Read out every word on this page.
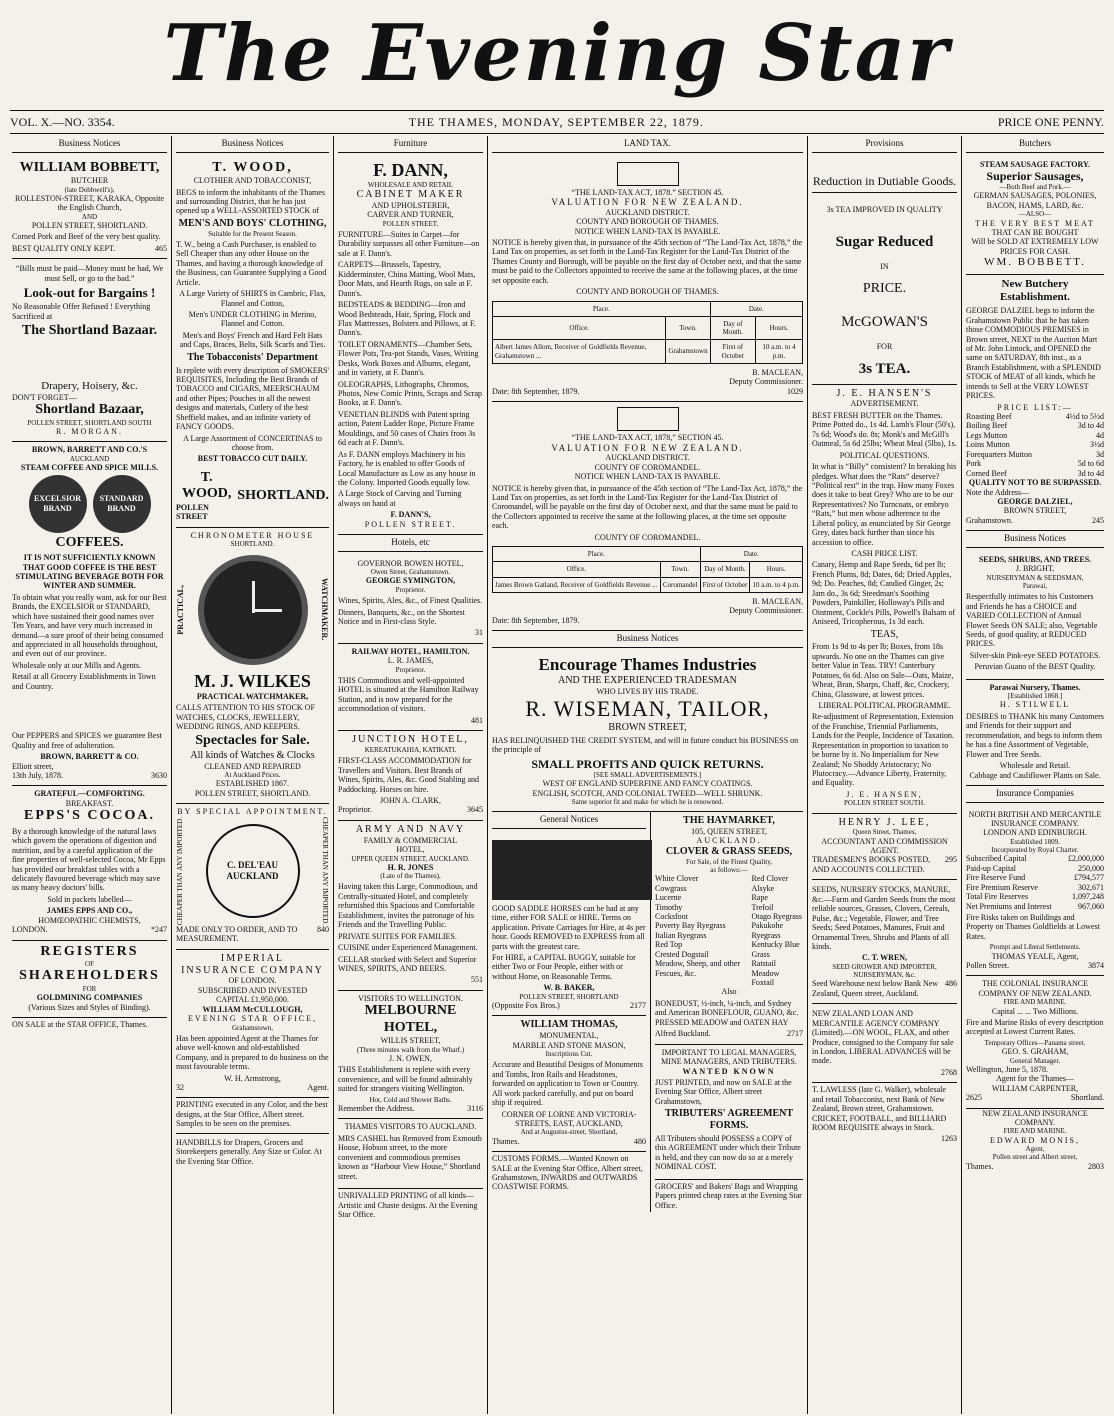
The Evening Star
VOL. X.—NO. 3354.	THE THAMES, MONDAY, SEPTEMBER 22, 1879.	PRICE ONE PENNY.
Business Notices
WILLIAM BOBBETT,
BUTCHER
(late Dobbwell's),
ROLLESTON-STREET, KARAKA, Opposite the English Church,
AND
POLLEN STREET, SHORTLAND.

Corned Pork and Beef of the very best quality.

BEST QUALITY ONLY KEPT.	465

“Bills must be paid—Money must be had, We must Sell, or go to the bad.”

Look-out for Bargains !

No Reasonable Offer Refused ! Everything Sacrificed at

The Shortland Bazaar.
Drapery, Hoisery, &c.
DON'T FORGET—
Shortland Bazaar,
POLLEN STREET, SHORTLAND SOUTH
R. MORGAN.
BROWN, BARRETT AND CO.'S
AUCKLAND
STEAM COFFEE AND SPICE MILLS.
EXCELSIOR BRAND STANDARD BRAND
COFFEES.

IT IS NOT SUFFICIENTLY KNOWN THAT GOOD COFFEE IS THE BEST STIMULATING BEVERAGE BOTH FOR WINTER AND SUMMER.

To obtain what you really want, ask for our Best Brands, the EXCELSIOR or STANDARD, which have sustained their good names over Ten Years, and have very much increased in demand—a sure proof of their being consumed and appreciated in all households throughout, and even out of our province.

Wholesale only at our Mills and Agents.

Retail at all Grocery Establishments in Town and Country.

Our PEPPERS and SPICES we guarantee Best Quality and free of adulteration.

BROWN, BARRETT & CO.
Elliott street,
13th July, 1878.	3630
GRATEFUL—COMFORTING.
BREAKFAST.
EPPS'S COCOA.

By a thorough knowledge of the natural laws which govern the operations of digestion and nutrition, and by a careful application of the fine properties of well-selected Cocoa, Mr Epps has provided our breakfast tables with a delicately flavoured beverage which may save us many heavy doctors' bills.

Sold in packets labelled—

JAMES EPPS AND CO.,
HOMŒOPATHIC CHEMISTS,
LONDON.	*247
REGISTERS
OF
SHAREHOLDERS
FOR
GOLDMINING COMPANIES
(Various Sizes and Styles of Binding).

ON SALE at the STAR OFFICE, Thames.

Business Notices
T. WOOD,
CLOTHIER AND TOBACCONIST,

BEGS to inform the inhabitants of the Thames and surrounding District, that he has just opened up a WELL-ASSORTED STOCK of

MEN'S AND BOYS' CLOTHING,
Suitable for the Present Season.

T. W., being a Cash Purchaser, is enabled to Sell Cheaper than any other House on the Thames, and having a thorough knowledge of the Business, can Guarantee Supplying a Good Article.

A Large Variety of SHIRTS in Cambric, Flax, Flannel and Cotton,

Men's UNDER CLOTHING in Merino, Flannel and Cotton.

Men's and Boys' French and Hard Felt Hats and Caps, Braces, Belts, Silk Scarfs and Ties.

The Tobacconists' Department

Is replete with every description of SMOKERS' REQUISITES, Including the Best Brands of TOBACCO and CIGARS, MEERSCHAUM and other Pipes; Pouches in all the newest designs and materials, Cutlery of the best Sheffield makes, and an infinite variety of FANCY GOODS.

A Large Assortment of CONCERTINAS to choose from.

BEST TOBACCO CUT DAILY.
T. WOOD,
POLLEN STREET
SHORTLAND.
CHRONOMETER HOUSE
SHORTLAND.
PRACTICAL,	WATCHMAKER.
M. J. WILKES
PRACTICAL WATCHMAKER,

CALLS ATTENTION TO HIS STOCK OF WATCHES, CLOCKS, JEWELLERY, WEDDING RINGS, AND KEEPERS.

Spectacles for Sale.
All kinds of Watches & Clocks
CLEANED AND REPAIRED
At Auckland Prices.
ESTABLISHED 1867.
POLLEN STREET, SHORTLAND.
BY SPECIAL APPOINTMENT.
CHEAPER THAN ANY IMPORTED.	C. DEL'EAU AUCKLAND	CHEAPER THAN ANY IMPORTED.
MADE ONLY TO ORDER, AND TO MEASUREMENT.
840
IMPERIAL
INSURANCE COMPANY
OF LONDON.
SUBSCRIBED AND INVESTED
CAPITAL £1,950,000.
WILLIAM McCULLOUGH,
EVENING STAR OFFICE,
Grahamstown,

Has been appointed Agent at the Thames for above well-known and old-established Company, and is prepared to do business on the most favourable terms.

W. H. Armstrong,
32	Agent.

PRINTING executed in any Color, and the best designs, at the Star Office, Albert street. Samples to be seen on the premises.

HANDBILLS for Drapers, Grocers and Storekeepers generally. Any Size or Color. At the Evening Star Office.

Furniture
F. DANN,
WHOLESALE AND RETAIL
CABINET MAKER
AND UPHOLSTERER,
CARVER AND TURNER,
POLLEN STREET.

FURNITURE—Suites in Carpet—for Durability surpasses all other Furniture—on sale at F. Dann's.

CARPETS—Brussels, Tapestry, Kidderminster, China Matting, Wool Mats, Door Mats, and Hearth Rugs, on sale at F. Dann's.

BEDSTEADS & BEDDING—Iron and Wood Bedsteads, Hair, Spring, Flock and Flax Mattresses, Bolsters and Pillows, at F. Dann's.

TOILET ORNAMENTS—Chamber Sets, Flower Pots, Tea-pot Stands, Vases, Writing Desks, Work Boxes and Albums, elegant, and in variety, at F. Dann's.

OLEOGRAPHS, Lithographs, Chromos, Photos, New Comic Prints, Scraps and Scrap Books, at F. Dann's.

VENETIAN BLINDS with Patent spring action, Patent Ladder Rope, Picture Frame Mouldings, and 50 cases of Chairs from 3s 6d each at F. Dann's.

As F. DANN employs Machinery in his Factory, he is enabled to offer Goods of Local Manufacture as Low as any house in the Colony. Imported Goods equally low.

A Large Stock of Carving and Turning always on hand at

F. DANN'S,
POLLEN STREET.
Hotels, etc
GOVERNOR BOWEN HOTEL,
Owen Street, Grahamstown.
GEORGE SYMINGTON,
Proprietor.

Wines, Spirits, Ales, &c., of Finest Qualities.

Dinners, Banquets, &c., on the Shortest Notice and in First-class Style.

31
RAILWAY HOTEL, HAMILTON.
L. R. JAMES,
Proprietor.

THIS Commodious and well-appointed HOTEL is situated at the Hamilton Railway Station, and is now prepared for the accommodation of visitors.

481
JUNCTION HOTEL,
KEREATUKAHIA, KATIKATI.

FIRST-CLASS ACCOMMODATION for Travellers and Visitors. Best Brands of Wines, Spirits, Ales, &c. Good Stabling and Paddocking. Horses on hire.

JOHN A. CLARK,
Proprietor.	3645
ARMY AND NAVY
FAMILY & COMMERCIAL
HOTEL,
UPPER QUEEN STREET, AUCKLAND.
H. R. JONES
(Late of the Thames),

Having taken this Large, Commodious, and Centrally-situated Hotel, and completely refurnished this Spacious and Comfortable Establishment, invites the patronage of his Friends and the Travelling Public.

PRIVATE SUITES FOR FAMILIES.

CUISINE under Experienced Management.

CELLAR stocked with Select and Superior WINES, SPIRITS, AND BEERS.

551
VISITORS TO WELLINGTON.
MELBOURNE HOTEL,
WILLIS STREET,
(Three minutes walk from the Wharf.)
J. N. OWEN,

THIS Establishment is replete with every convenience, and will be found admirably suited for strangers visiting Wellington.

Hot, Cold and Shower Baths.
Remember the Address.	3116
THAMES VISITORS TO AUCKLAND.

MRS CASHEL has Removed from Exmouth House, Hobson street, to the more convenient and commodious premises known as “Harbour View House,” Shortland street.

UNRIVALLED PRINTING of all kinds—Artistic and Chaste designs. At the Evening Star Office.

LAND TAX.
“THE LAND-TAX ACT, 1878.” SECTION 45.
VALUATION FOR NEW ZEALAND.
AUCKLAND DISTRICT.
COUNTY AND BOROUGH OF THAMES.
NOTICE WHEN LAND-TAX IS PAYABLE.

NOTICE is hereby given that, in pursuance of the 45th section of “The Land-Tax Act, 1878,” the Land Tax on properties, as set forth in the Land-Tax Register for the Land-Tax District of the Thames County and Borough, will be payable on the first day of October next, and that the same must be paid to the Collectors appointed to receive the same at the following places, at the time set opposite each.

COUNTY AND BOROUGH OF THAMES.
Place.		Date.	
Office.	Town.	Day of Month.	Hours.
Albert James Allom, Receiver of Goldfields Revenue, Grahamstown ...	Grahamstown	First of October	10 a.m. to 4 p.m.
B. MACLEAN,
Deputy Commissioner.
Date: 8th September, 1879.	1029
“THE LAND-TAX ACT, 1878,” SECTION 45.
VALUATION FOR NEW ZEALAND.
AUCKLAND DISTRICT.
COUNTY OF COROMANDEL.
NOTICE WHEN LAND-TAX IS PAYABLE.

NOTICE is hereby given that, in pursuance of the 45th section of “The Land-Tax Act, 1878,” the Land Tax on properties, as set forth in the Land-Tax Register for the Land-Tax District of Coromandel, will be payable on the first day of October next, and that the same must be paid to the Collectors appointed to receive the same at the following places, at the time set opposite each.

COUNTY OF COROMANDEL.
Place.		Date.	
Office.	Town.	Day of Month.	Hours.
James Brown Gatland, Receiver of Goldfields Revenue ...	Coromandel	First of October	10 a.m. to 4 p.m.
B. MACLEAN,
Deputy Commissioner.
Date: 8th September, 1879.
Business Notices
Encourage Thames Industries
AND THE EXPERIENCED TRADESMAN
WHO LIVES BY HIS TRADE.
R. WISEMAN, TAILOR,
BROWN STREET,

HAS RELINQUISHED THE CREDIT SYSTEM, and will in future conduct his BUSINESS on the principle of

SMALL PROFITS AND QUICK RETURNS.
[SEE SMALL ADVERTISEMENTS.]
WEST OF ENGLAND SUPERFINE AND FANCY COATINGS.
ENGLISH, SCOTCH, AND COLONIAL TWEED—WELL SHRUNK.
Same superior fit and make for which he is renowned.
General Notices

GOOD SADDLE HORSES can be had at any time, either FOR SALE or HIRE. Terms on application. Private Carriages for Hire, at 4s per hour. Goods REMOVED to EXPRESS from all parts with the greatest care.

For HIRE, a CAPITAL BUGGY, suitable for either Two or Four People, either with or without Horse, on Reasonable Terms.

W. B. BAKER,
POLLEN STREET, SHORTLAND
(Opposite Fox Bros.)	2177
WILLIAM THOMAS,
MONUMENTAL,
MARBLE AND STONE MASON,
Inscriptions Cut.

Accurate and Beautiful Designs of Monuments and Tombs, Iron Rails and Headstones, forwarded on application to Town or Country. All work packed carefully, and put on board ship if required.

CORNER OF LORNE AND VICTORIA-STREETS, EAST, AUCKLAND,
And at Augustus-street, Shortland,
Thames.	480

CUSTOMS FORMS.—Wanted Known on SALE at the Evening Star Office, Albert street, Grahamstown, INWARDS and OUTWARDS COASTWISE FORMS.

THE HAYMARKET,
105, QUEEN STREET,
AUCKLAND.
CLOVER & GRASS SEEDS,
For Sale, of the Finest Quality,
as follows:—
White Clover
Cowgrass
Lucerne
Timothy
Cocksfoot
Poverty Bay Ryegrass
Italian Ryegrass
Red Top
Crested Dogstail
Meadow, Sheep, and other Fescues, &c.
Red Clover
Alsyke
Rape
Trefoil
Otago Ryegrass
Pakukohe Ryegrass
Kentucky Blue Grass
Ratstail
Meadow Foxtail
Also

BONEDUST, ½-inch, ¼-inch, and Sydney and American BONEFLOUR, GUANO, &c. PRESSED MEADOW and OATEN HAY

Alfred Buckland.	2717
IMPORTANT TO LEGAL MANAGERS, MINE MANAGERS, AND TRIBUTERS.
WANTED KNOWN

JUST PRINTED, and now on SALE at the Evening Star Office, Albert street Grahamstown,

TRIBUTERS' AGREEMENT FORMS.

All Tributers should POSSESS a COPY of this AGREEMENT under which their Tribute is held, and they can now do so at a merely NOMINAL COST.

GROCERS' and Bakers' Bags and Wrapping Papers printed cheap rates at the Evening Star Office.

Provisions
Reduction in Dutiable Goods.
3s TEA IMPROVED IN QUALITY
Sugar Reduced
IN
PRICE.
McGOWAN'S
FOR
3s TEA.
J. E. HANSEN'S
ADVERTISEMENT.

BEST FRESH BUTTER on the Thames. Prime Potted do., 1s 4d. Lamb's Flour (50's), 7s 6d; Wood's do. 8s; Monk's and McGill's Oatmeal, 5s 6d 25lbs; Wheat Meal (5lbs), 1s.

POLITICAL QUESTIONS.

In what is “Billy” consistent? In breaking his pledges. What does the “Rats” deserve? “Political rest” in the trap. How many Foxes does it take to beat Grey? Who are to be our Representatives? No Turncoats, or embryo “Rats,” but men whose adherence to the Liberal policy, as enunciated by Sir George Grey, dates back further than since his accession to office.

CASH PRICE LIST.

Canary, Hemp and Rape Seeds, 6d per lb; French Plums, 8d; Dates, 6d; Dried Apples, 9d; Do. Peaches, 8d; Candied Ginger, 2s; Jam do., 3s 6d; Steedman's Soothing Powders, Painkiller, Holloway's Pills and Ointment, Cockle's Pills, Powell's Balsam of Aniseed, Tricopherous, 1s 3d each.

TEAS,

From 1s 9d to 4s per lb; Boxes, from 18s upwards. No one on the Thames can give better Value in Teas. TRY! Canterbury Potatoes, 6s 6d. Also on Sale—Oats, Maize, Wheat, Bran, Sharps, Chaff, &c, Crockery, China, Glassware, at lowest prices.

LIBERAL POLITICAL PROGRAMME.

Re-adjustment of Representation, Extension of the Franchise, Triennial Parliaments, Lands for the People, Incidence of Taxation. Representation in proportion to taxation to be borne by it. No Imperialism for New Zealand; No Shoddy Aristocracy; No Plutocracy.—Advance Liberty, Fraternity, and Equality.

J. E. HANSEN,
POLLEN STREET SOUTH.
HENRY J. LEE,
Queen Street, Thames,
ACCOUNTANT AND COMMISSION AGENT.
TRADESMEN'S BOOKS POSTED, AND ACCOUNTS COLLECTED.
295

SEEDS, NURSERY STOCKS, MANURE, &c.—Farm and Garden Seeds from the most reliable sources, Grasses, Clovers, Cereals, Pulse, &c.; Vegetable, Flower, and Tree Seeds; Seed Potatoes, Manures, Fruit and Ornamental Trees, Shrubs and Plants of all kinds.

C. T. WREN,
SEED GROWER AND IMPORTER,
NURSERYMAN, &c.
Seed Warehouse next below Bank New Zealand, Queen street, Auckland.
486

NEW ZEALAND LOAN AND MERCANTILE AGENCY COMPANY (Limited).—ON WOOL, FLAX, and other Produce, consigned to the Company for sale in London, LIBERAL ADVANCES will be made.

2768

T. LAWLESS (late G. Walker), wholesale and retail Tobacconist, next Bank of New Zealand, Brown street, Grahamstown. CRICKET, FOOTBALL, and BILLIARD ROOM REQUISITE always in Stock.

1263
Butchers
STEAM SAUSAGE FACTORY.
Superior Sausages,
—Both Beef and Pork.—
GERMAN SAUSAGES, POLONIES,
BACON, HAMS, LARD, &c.
—ALSO—
THE VERY BEST MEAT
THAT CAN BE BOUGHT
Will be SOLD AT EXTREMELY LOW
PRICES FOR CASH.
WM. BOBBETT.
New Butchery Establishment.

GEORGE DALZIEL begs to inform the Grahamstown Public that he has taken those COMMODIOUS PREMISES in Brown street, NEXT to the Auction Mart of Mr. John Lintock, and OPENED the same on SATURDAY, 8th inst., as a Branch Establishment, with a SPLENDID STOCK of MEAT of all kinds, which he intends to Sell at the VERY LOWEST PRICES.

PRICE LIST:—
Roasting Beef	4½d to 5½d
Boiling Beef	3d to 4d
Legs Mutton	4d
Loins Mutton	3½d
Forequarters Mutton	3d
Pork	5d to 6d
Corned Beef	3d to 4d
QUALITY NOT TO BE SURPASSED.
Note the Address—
GEORGE DALZIEL,
BROWN STREET,
Grahamstown.	245
Business Notices
SEEDS, SHRUBS, AND TREES.
J. BRIGHT,
NURSERYMAN & SEEDSMAN,
Parawai,

Respectfully intimates to his Customers and Friends he has a CHOICE and VARIED COLLECTION of Annual Flower Seeds ON SALE; also, Vegetable Seeds, of good quality, at REDUCED PRICES.

Silver-skin Pink-eye SEED POTATOES.

Peruvian Guano of the BEST Quality.

Parawai Nursery, Thames.
[Established 1868.]
H. STILWELL

DESIRES to THANK his many Customers and Friends for their support and recommendation, and begs to inform them he has a fine Assortment of Vegetable, Flower and Tree Seeds.

Wholesale and Retail.
Cabbage and Cauliflower Plants on Sale.
Insurance Companies
NORTH BRITISH AND MERCANTILE INSURANCE COMPANY.
LONDON AND EDINBURGH.
Established 1809.
Incorporated by Royal Charter.
Subscribed Capital	£2,000,000
Paid-up Capital	250,000
Fire Reserve Fund	£794,577
Fire Premium Reserve	302,671
Total Fire Reserves	1,097,248
Net Premiums and Interest	967,060

Fire Risks taken on Buildings and Property on Thames Goldfields at Lowest Rates.

Prompt and Liberal Settlements.
THOMAS YEALE, Agent,
Pollen Street.	3874
THE COLONIAL INSURANCE COMPANY OF NEW ZEALAND.
FIRE AND MARINE.
Capital ... ... Two Millions.

Fire and Marine Risks of every description accepted at Lowest Current Rates.

Temporary Offices—Panama street.
GEO. S. GRAHAM,
General Manager.
Wellington, June 5, 1878.
Agent for the Thames—
WILLIAM CARPENTER,
2625	Shortland.
NEW ZEALAND INSURANCE COMPANY.
FIRE AND MARINE.
EDWARD MONIS,
Agent,
Pollen street and Albert street,
Thames.	2803
